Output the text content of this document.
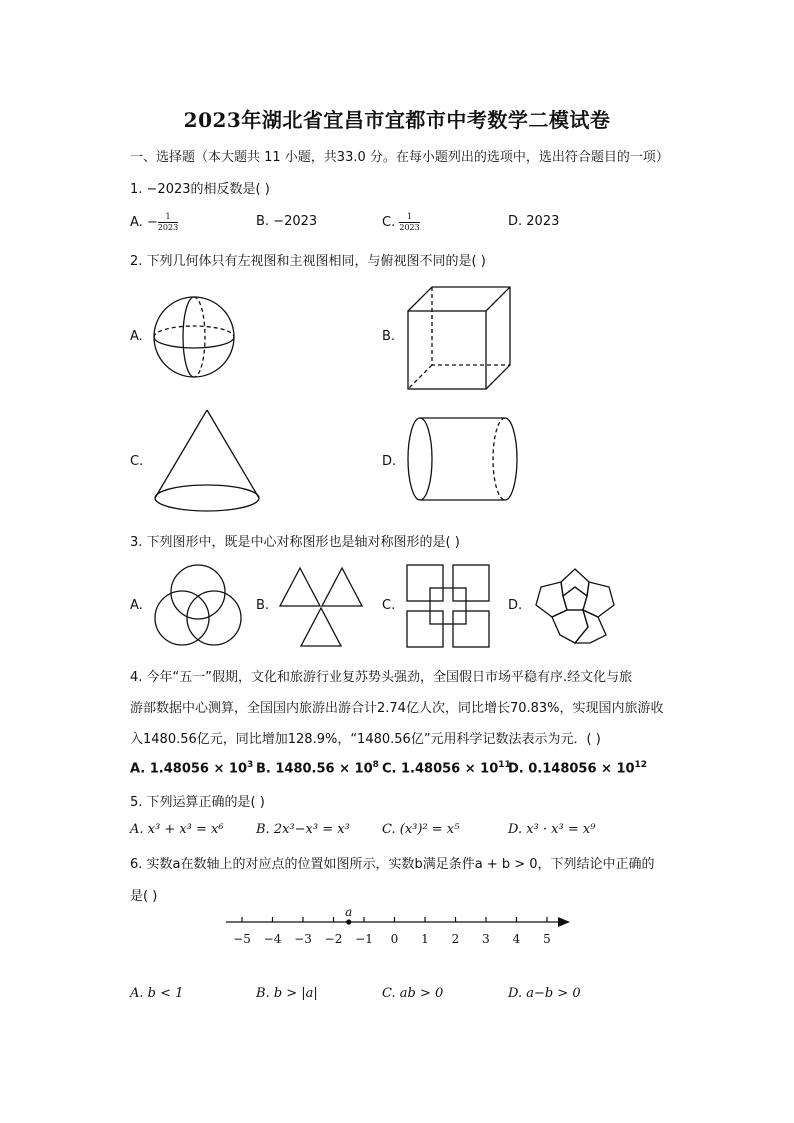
2023年湖北省宜昌市宜都市中考数学二模试卷
一、选择题（本大题共 11 小题，共33.0 分。在每小题列出的选项中，选出符合题目的一项）
1. −2023的相反数是( )
A. − $\frac{1}{2023}$	B. −2023	C. $\frac{1}{2023}$	D. 2023
2. 下列几何体只有左视图和主视图相同，与俯视图不同的是( )
A.	B.
C.	D.
3. 下列图形中，既是中心对称图形也是轴对称图形的是( )
A.	B.	C.	D.
4. 今年“五一”假期，文化和旅游行业复苏势头强劲，全国假日市场平稳有序.经文化与旅
游部数据中心测算，全国国内旅游出游合计2.74亿人次，同比增长70.83%，实现国内旅游收
入1480.56亿元，同比增加128.9%，“1480.56亿”元用科学记数法表示为元．( )
A. $1.48056 \times 10^3$ B. $1480.56 \times 10^8$ C. $1.48056 \times 10^{11}$
D. $0.148056 \times 10^{12}$
5. 下列运算正确的是( )
A. x³ + x³ = x⁶ B. 2x³−x³ = x³ C. (x³)² = x⁵	D. x³ · x³ = x⁹
6. 实数a在数轴上的对应点的位置如图所示，实数b满足条件a + b > 0，下列结论中正确的
是( )
−5 −4 −3 −2 −1 0 1 2 3 4 5
a
A. b < 1	B. b > |a|	C. ab > 0	D. a−b > 0
